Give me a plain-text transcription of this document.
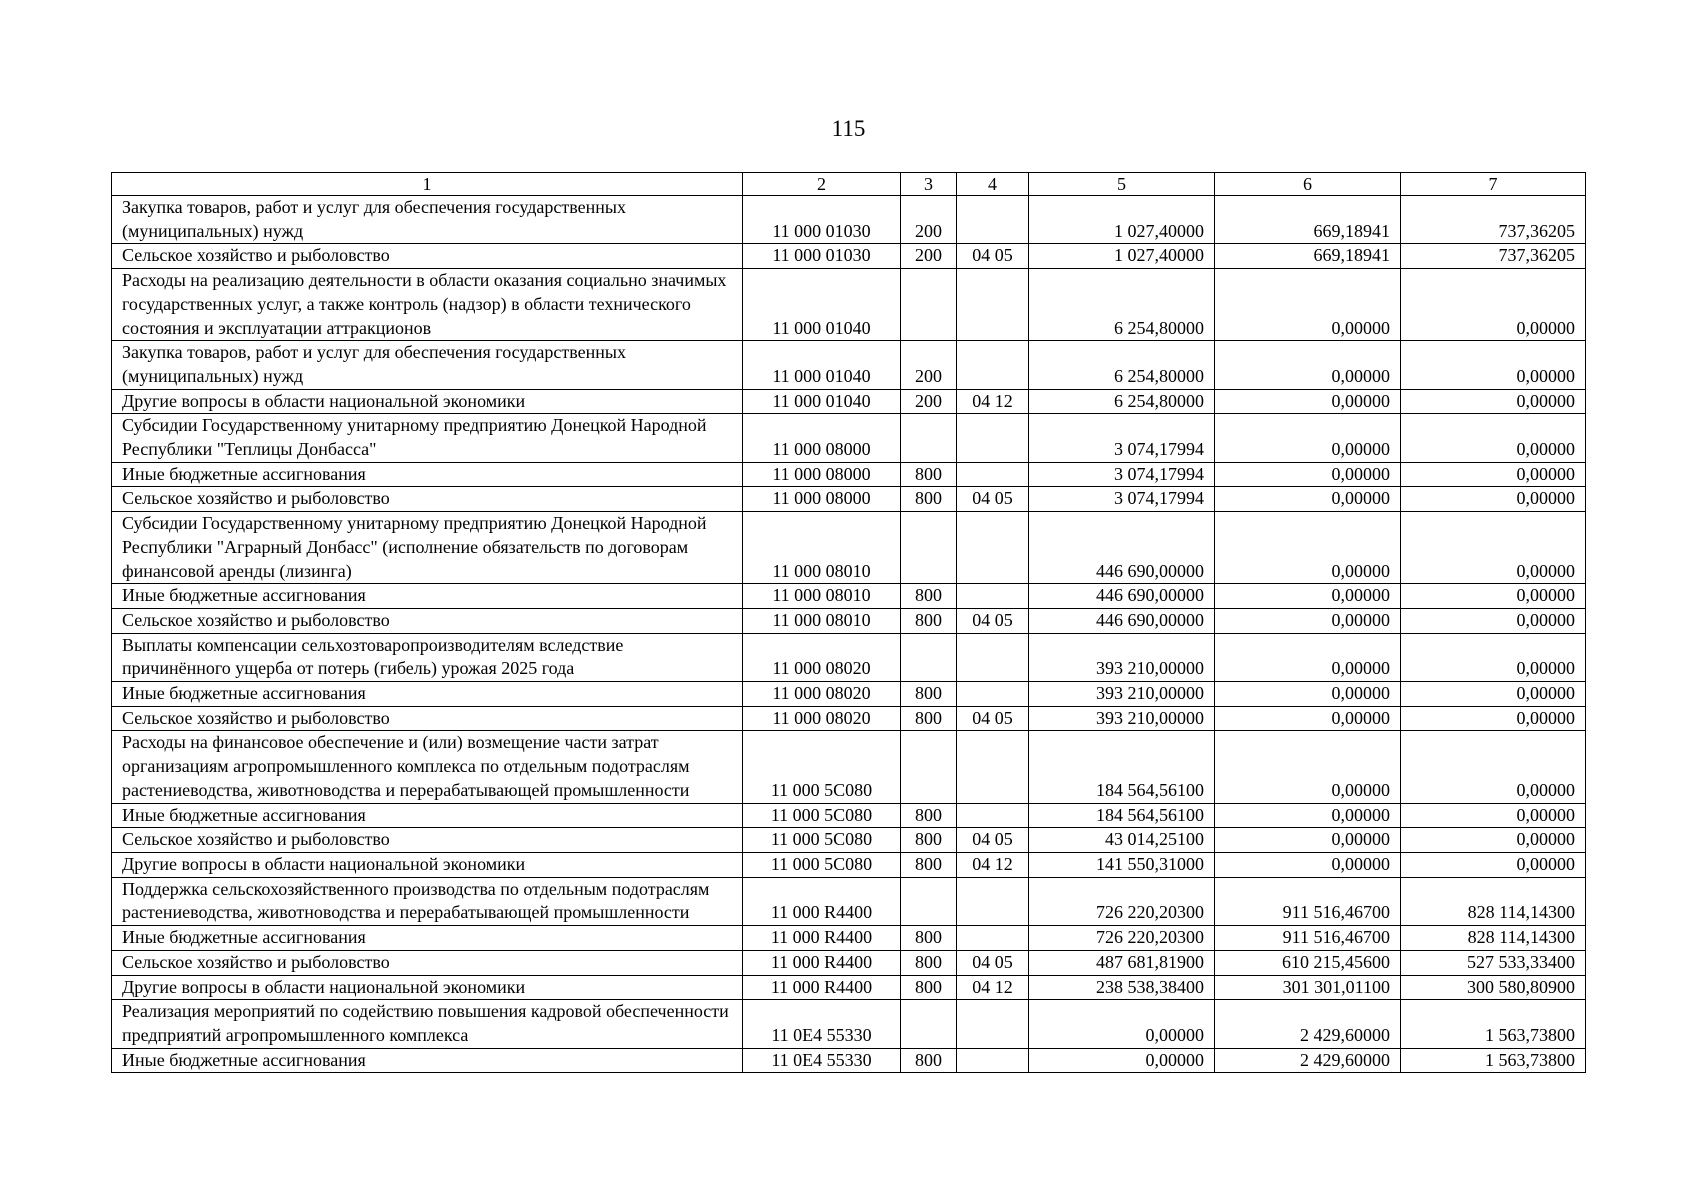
115
1	2	3	4	5	6	7
Закупка товаров, работ и услуг для обеспечения государственных (муниципальных) нужд	11 000 01030	200		1 027,40000	669,18941	737,36205
Сельское хозяйство и рыболовство	11 000 01030	200	04 05	1 027,40000	669,18941	737,36205
Расходы на реализацию деятельности в области оказания социально значимых государственных услуг, а также контроль (надзор) в области технического состояния и эксплуатации аттракционов	11 000 01040			6 254,80000	0,00000	0,00000
Закупка товаров, работ и услуг для обеспечения государственных (муниципальных) нужд	11 000 01040	200		6 254,80000	0,00000	0,00000
Другие вопросы в области национальной экономики	11 000 01040	200	04 12	6 254,80000	0,00000	0,00000
Субсидии Государственному унитарному предприятию Донецкой Народной Республики "Теплицы Донбасса"	11 000 08000			3 074,17994	0,00000	0,00000
Иные бюджетные ассигнования	11 000 08000	800		3 074,17994	0,00000	0,00000
Сельское хозяйство и рыболовство	11 000 08000	800	04 05	3 074,17994	0,00000	0,00000
Субсидии Государственному унитарному предприятию Донецкой Народной Республики "Аграрный Донбасс" (исполнение обязательств по договорам финансовой аренды (лизинга)	11 000 08010			446 690,00000	0,00000	0,00000
Иные бюджетные ассигнования	11 000 08010	800		446 690,00000	0,00000	0,00000
Сельское хозяйство и рыболовство	11 000 08010	800	04 05	446 690,00000	0,00000	0,00000
Выплаты компенсации сельхозтоваропроизводителям вследствие причинённого ущерба от потерь (гибель) урожая 2025 года	11 000 08020			393 210,00000	0,00000	0,00000
Иные бюджетные ассигнования	11 000 08020	800		393 210,00000	0,00000	0,00000
Сельское хозяйство и рыболовство	11 000 08020	800	04 05	393 210,00000	0,00000	0,00000
Расходы на финансовое обеспечение и (или) возмещение части затрат организациям агропромышленного комплекса по отдельным подотраслям растениеводства, животноводства и перерабатывающей промышленности	11 000 5С080			184 564,56100	0,00000	0,00000
Иные бюджетные ассигнования	11 000 5С080	800		184 564,56100	0,00000	0,00000
Сельское хозяйство и рыболовство	11 000 5С080	800	04 05	43 014,25100	0,00000	0,00000
Другие вопросы в области национальной экономики	11 000 5С080	800	04 12	141 550,31000	0,00000	0,00000
Поддержка сельскохозяйственного производства по отдельным подотраслям растениеводства, животноводства и перерабатывающей промышленности	11 000 R4400			726 220,20300	911 516,46700	828 114,14300
Иные бюджетные ассигнования	11 000 R4400	800		726 220,20300	911 516,46700	828 114,14300
Сельское хозяйство и рыболовство	11 000 R4400	800	04 05	487 681,81900	610 215,45600	527 533,33400
Другие вопросы в области национальной экономики	11 000 R4400	800	04 12	238 538,38400	301 301,01100	300 580,80900
Реализация мероприятий по содействию повышения кадровой обеспеченности предприятий агропромышленного комплекса	11 0Е4 55330			0,00000	2 429,60000	1 563,73800
Иные бюджетные ассигнования	11 0Е4 55330	800		0,00000	2 429,60000	1 563,73800
